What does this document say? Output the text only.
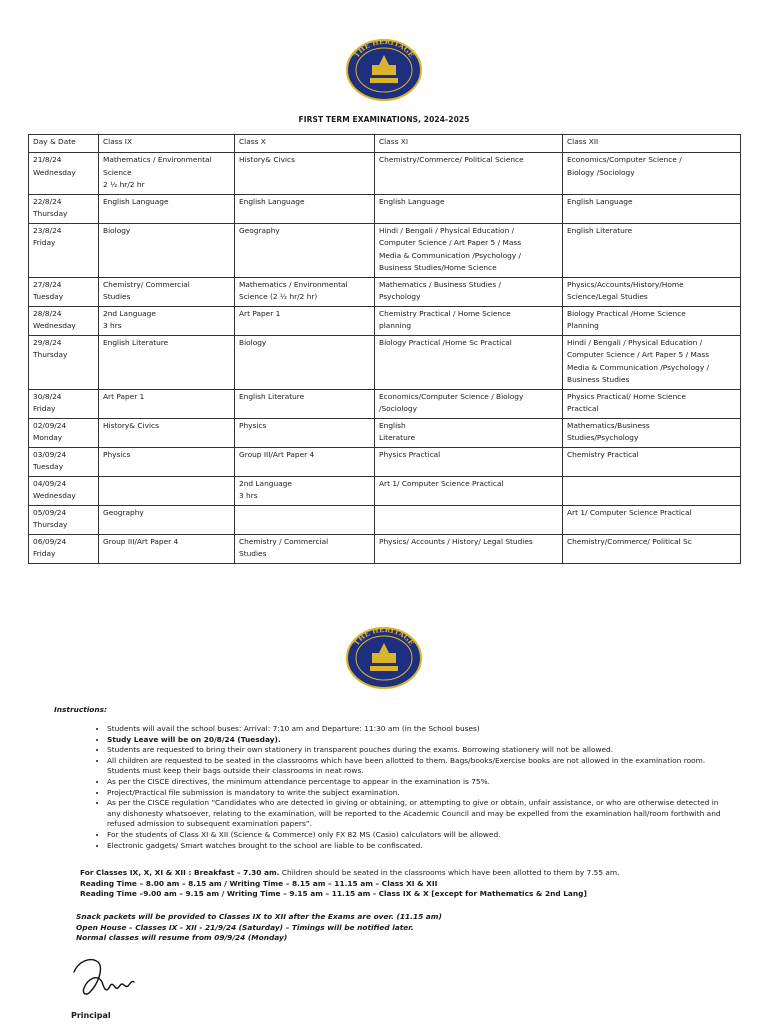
THE HERITAGE
FIRST TERM EXAMINATIONS, 2024-2025
Day & Date	Class IX	Class X	Class XI	Class XII
21/8/24
Wednesday	Mathematics / Environmental
Science
2 ½ hr/2 hr	History& Civics	Chemistry/Commerce/ Political Science	Economics/Computer Science /
Biology /Sociology
22/8/24
Thursday	English Language	English Language	English Language	English Language
23/8/24
Friday	Biology	Geography	Hindi / Bengali / Physical Education /
Computer Science / Art Paper 5 / Mass
Media & Communication /Psychology /
Business Studies/Home Science	English Literature
27/8/24
Tuesday	Chemistry/ Commercial
Studies	Mathematics / Environmental
Science (2 ½ hr/2 hr)	Mathematics / Business Studies /
Psychology	Physics/Accounts/History/Home
Science/Legal Studies
28/8/24
Wednesday	2nd Language
3 hrs	Art Paper 1	Chemistry Practical / Home Science
planning	Biology Practical /Home Science
Planning
29/8/24
Thursday	English Literature	Biology	Biology Practical /Home Sc Practical	Hindi / Bengali / Physical Education /
Computer Science / Art Paper 5 / Mass
Media & Communication /Psychology /
Business Studies
30/8/24
Friday	Art Paper 1	English Literature	Economics/Computer Science / Biology
/Sociology	Physics Practical/ Home Science
Practical
02/09/24
Monday	History& Civics	Physics	English
Literature	Mathematics/Business
Studies/Psychology
03/09/24
Tuesday	Physics	Group III/Art Paper 4	Physics Practical	Chemistry Practical
04/09/24
Wednesday		2nd Language
3 hrs	Art 1/ Computer Science Practical	
05/09/24
Thursday	Geography			Art 1/ Computer Science Practical
06/09/24
Friday	Group III/Art Paper 4	Chemistry / Commercial
Studies	Physics/ Accounts / History/ Legal Studies	Chemistry/Commerce/ Political Sc
THE HERITAGE
Instructions:
• Students will avail the school buses: Arrival: 7:10 am and Departure: 11:30 am (in the School buses)
• Study Leave will be on 20/8/24 (Tuesday).
• Students are requested to bring their own stationery in transparent pouches during the exams. Borrowing stationery will not be allowed.
• All children are requested to be seated in the classrooms which have been allotted to them. Bags/books/Exercise books are not allowed in the examination room. Students must keep their bags outside their classrooms in neat rows.
• As per the CISCE directives, the minimum attendance percentage to appear in the examination is 75%.
• Project/Practical file submission is mandatory to write the subject examination.
• As per the CISCE regulation “Candidates who are detected in giving or obtaining, or attempting to give or obtain, unfair assistance, or who are otherwise detected in any dishonesty whatsoever, relating to the examination, will be reported to the Academic Council and may be expelled from the examination hall/room forthwith and refused admission to subsequent examination papers”.
• For the students of Class XI & XII (Science & Commerce) only FX 82 MS (Casio) calculators will be allowed.
• Electronic gadgets/ Smart watches brought to the school are liable to be confiscated.
For Classes IX, X, XI & XII : Breakfast – 7.30 am. Children should be seated in the classrooms which have been allotted to them by 7.55 am.
Reading Time – 8.00 am – 8.15 am / Writing Time – 8.15 am – 11.15 am – Class XI & XII
Reading Time –9.00 am – 9.15 am / Writing Time – 9.15 am – 11.15 am - Class IX & X [except for Mathematics & 2nd Lang]
Snack packets will be provided to Classes IX to XII after the Exams are over. (11.15 am)
Open House – Classes IX - XII - 21/9/24 (Saturday) – Timings will be notified later.
Normal classes will resume from 09/9/24 (Monday)
Principal
